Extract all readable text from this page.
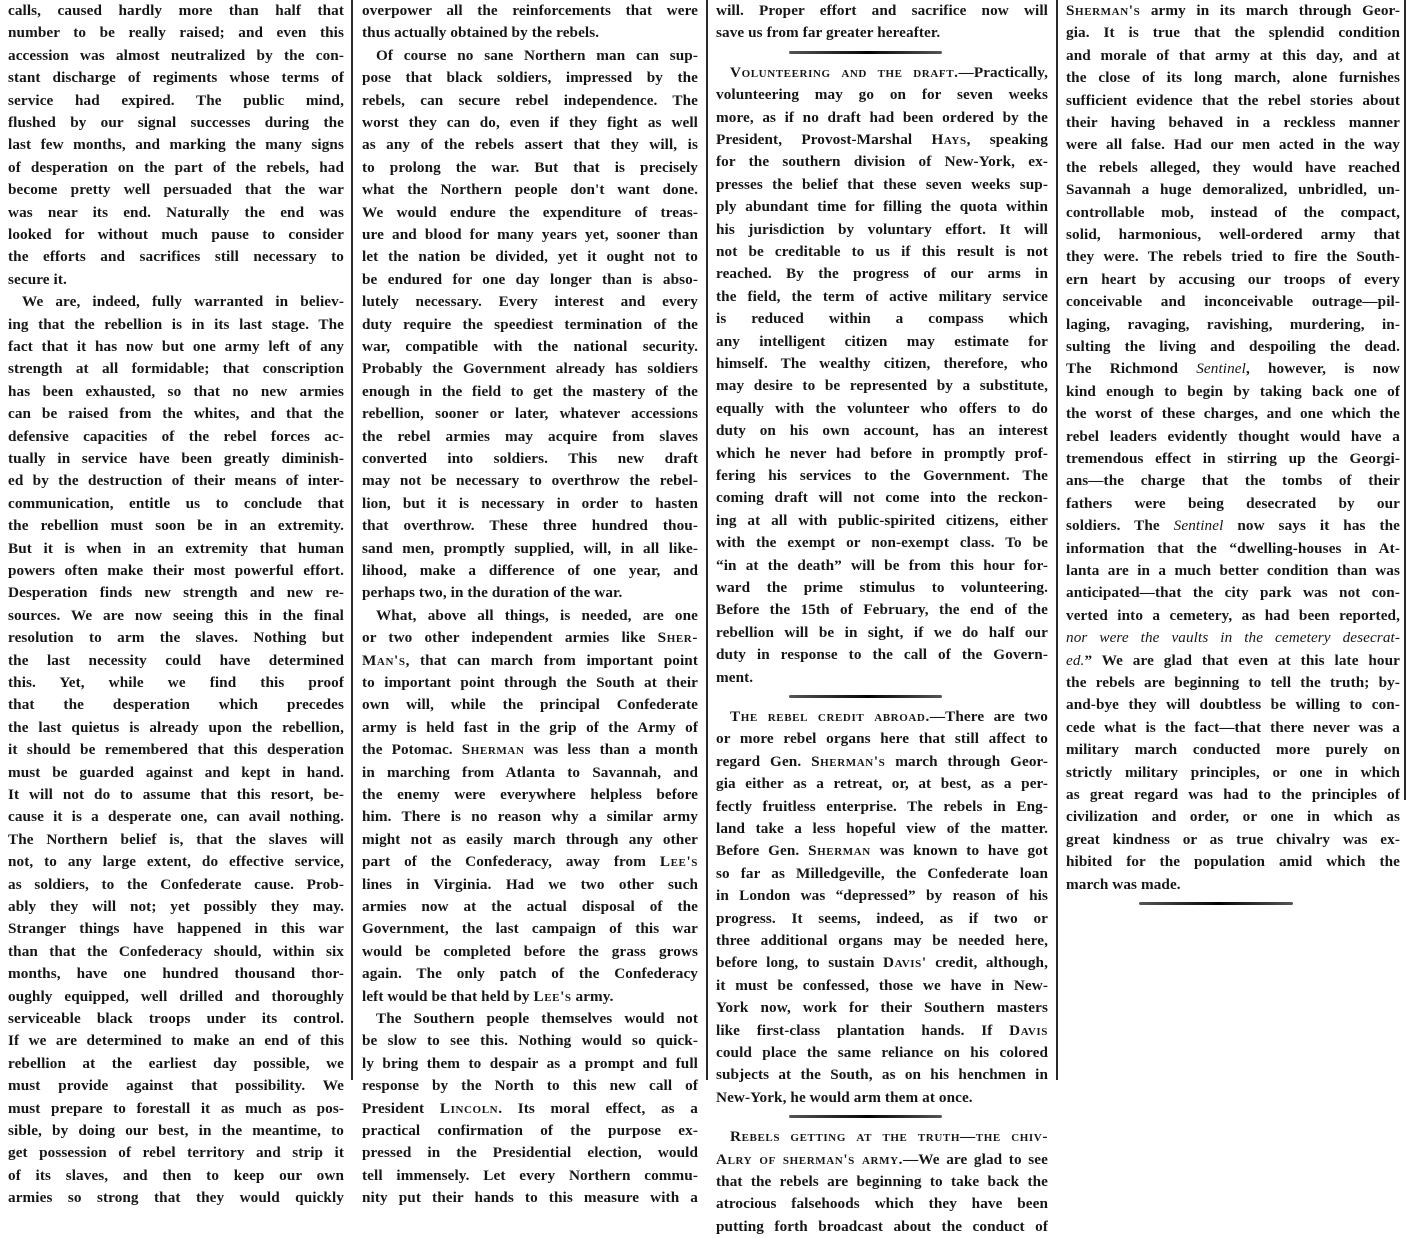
calls, caused hardly more than half that
number to be really raised; and even this
accession was almost neutralized by the con-
stant discharge of regiments whose terms of
service had expired. The public mind,
flushed by our signal successes during the
last few months, and marking the many signs
of desperation on the part of the rebels, had
become pretty well persuaded that the war
was near its end. Naturally the end was
looked for without much pause to consider
the efforts and sacrifices still necessary to
secure it.
We are, indeed, fully warranted in believ-
ing that the rebellion is in its last stage. The
fact that it has now but one army left of any
strength at all formidable; that conscription
has been exhausted, so that no new armies
can be raised from the whites, and that the
defensive capacities of the rebel forces ac-
tually in service have been greatly diminish-
ed by the destruction of their means of inter-
communication, entitle us to conclude that
the rebellion must soon be in an extremity.
But it is when in an extremity that human
powers often make their most powerful effort.
Desperation finds new strength and new re-
sources. We are now seeing this in the final
resolution to arm the slaves. Nothing but
the last necessity could have determined
this. Yet, while we find this proof
that the desperation which precedes
the last quietus is already upon the rebellion,
it should be remembered that this desperation
must be guarded against and kept in hand.
It will not do to assume that this resort, be-
cause it is a desperate one, can avail nothing.
The Northern belief is, that the slaves will
not, to any large extent, do effective service,
as soldiers, to the Confederate cause. Prob-
ably they will not; yet possibly they may.
Stranger things have happened in this war
than that the Confederacy should, within six
months, have one hundred thousand thor-
oughly equipped, well drilled and thoroughly
serviceable black troops under its control.
If we are determined to make an end of this
rebellion at the earliest day possible, we
must provide against that possibility. We
must prepare to forestall it as much as pos-
sible, by doing our best, in the meantime, to
get possession of rebel territory and strip it
of its slaves, and then to keep our own
armies so strong that they would quickly
overpower all the reinforcements that were
thus actually obtained by the rebels.
Of course no sane Northern man can sup-
pose that black soldiers, impressed by the
rebels, can secure rebel independence. The
worst they can do, even if they fight as well
as any of the rebels assert that they will, is
to prolong the war. But that is precisely
what the Northern people don't want done.
We would endure the expenditure of treas-
ure and blood for many years yet, sooner than
let the nation be divided, yet it ought not to
be endured for one day longer than is abso-
lutely necessary. Every interest and every
duty require the speediest termination of the
war, compatible with the national security.
Probably the Government already has soldiers
enough in the field to get the mastery of the
rebellion, sooner or later, whatever accessions
the rebel armies may acquire from slaves
converted into soldiers. This new draft
may not be necessary to overthrow the rebel-
lion, but it is necessary in order to hasten
that overthrow. These three hundred thou-
sand men, promptly supplied, will, in all like-
lihood, make a difference of one year, and
perhaps two, in the duration of the war.
What, above all things, is needed, are one
or two other independent armies like Sher-
Man's, that can march from important point
to important point through the South at their
own will, while the principal Confederate
army is held fast in the grip of the Army of
the Potomac. Sherman was less than a month
in marching from Atlanta to Savannah, and
the enemy were everywhere helpless before
him. There is no reason why a similar army
might not as easily march through any other
part of the Confederacy, away from Lee's
lines in Virginia. Had we two other such
armies now at the actual disposal of the
Government, the last campaign of this war
would be completed before the grass grows
again. The only patch of the Confederacy
left would be that held by Lee's army.
The Southern people themselves would not
be slow to see this. Nothing would so quick-
ly bring them to despair as a prompt and full
response by the North to this new call of
President Lincoln. Its moral effect, as a
practical confirmation of the purpose ex-
pressed in the Presidential election, would
tell immensely. Let every Northern commu-
nity put their hands to this measure with a
will. Proper effort and sacrifice now will
save us from far greater hereafter.
Volunteering and the draft.—Practically,
volunteering may go on for seven weeks
more, as if no draft had been ordered by the
President, Provost-Marshal Hays, speaking
for the southern division of New-York, ex-
presses the belief that these seven weeks sup-
ply abundant time for filling the quota within
his jurisdiction by voluntary effort. It will
not be creditable to us if this result is not
reached. By the progress of our arms in
the field, the term of active military service
is reduced within a compass which
any intelligent citizen may estimate for
himself. The wealthy citizen, therefore, who
may desire to be represented by a substitute,
equally with the volunteer who offers to do
duty on his own account, has an interest
which he never had before in promptly prof-
fering his services to the Government. The
coming draft will not come into the reckon-
ing at all with public-spirited citizens, either
with the exempt or non-exempt class. To be
“in at the death” will be from this hour for-
ward the prime stimulus to volunteering.
Before the 15th of February, the end of the
rebellion will be in sight, if we do half our
duty in response to the call of the Govern-
ment.
The rebel credit abroad.—There are two
or more rebel organs here that still affect to
regard Gen. Sherman's march through Geor-
gia either as a retreat, or, at best, as a per-
fectly fruitless enterprise. The rebels in Eng-
land take a less hopeful view of the matter.
Before Gen. Sherman was known to have got
so far as Milledgeville, the Confederate loan
in London was “depressed” by reason of his
progress. It seems, indeed, as if two or
three additional organs may be needed here,
before long, to sustain Davis' credit, although,
it must be confessed, those we have in New-
York now, work for their Southern masters
like first-class plantation hands. If Davis
could place the same reliance on his colored
subjects at the South, as on his henchmen in
New-York, he would arm them at once.
Rebels getting at the truth—the chiv-
Alry of sherman's army.—We are glad to see
that the rebels are beginning to take back the
atrocious falsehoods which they have been
putting forth broadcast about the conduct of
Sherman's army in its march through Geor-
gia. It is true that the splendid condition
and morale of that army at this day, and at
the close of its long march, alone furnishes
sufficient evidence that the rebel stories about
their having behaved in a reckless manner
were all false. Had our men acted in the way
the rebels alleged, they would have reached
Savannah a huge demoralized, unbridled, un-
controllable mob, instead of the compact,
solid, harmonious, well-ordered army that
they were. The rebels tried to fire the South-
ern heart by accusing our troops of every
conceivable and inconceivable outrage—pil-
laging, ravaging, ravishing, murdering, in-
sulting the living and despoiling the dead.
The Richmond Sentinel, however, is now
kind enough to begin by taking back one of
the worst of these charges, and one which the
rebel leaders evidently thought would have a
tremendous effect in stirring up the Georgi-
ans—the charge that the tombs of their
fathers were being desecrated by our
soldiers. The Sentinel now says it has the
information that the “dwelling-houses in At-
lanta are in a much better condition than was
anticipated—that the city park was not con-
verted into a cemetery, as had been reported,
nor were the vaults in the cemetery desecrat-
ed.” We are glad that even at this late hour
the rebels are beginning to tell the truth; by-
and-bye they will doubtless be willing to con-
cede what is the fact—that there never was a
military march conducted more purely on
strictly military principles, or one in which
as great regard was had to the principles of
civilization and order, or one in which as
great kindness or as true chivalry was ex-
hibited for the population amid which the
march was made.
